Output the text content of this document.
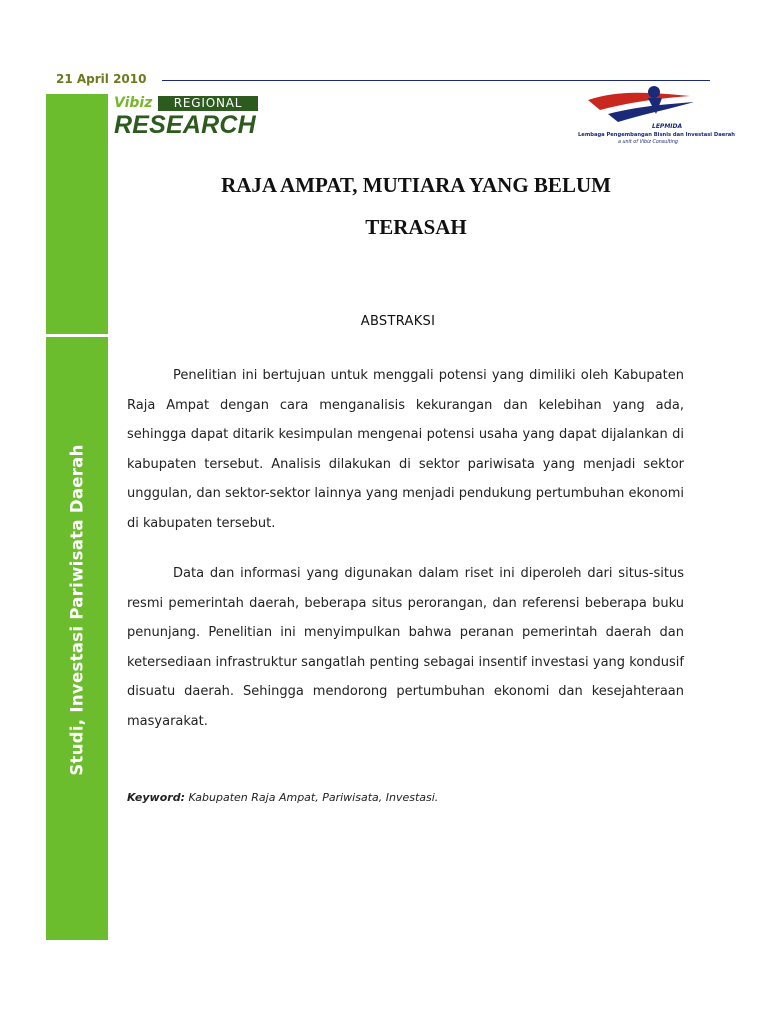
21 April 2010
Studi, Investasi Pariwisata Daerah
Vibiz	REGIONAL
RESEARCH	LEPMIDA
Lembaga Pengembangan Bisnis dan Investasi Daerah
a unit of Vibiz Consulting
RAJA AMPAT, MUTIARA YANG BELUM
TERASAH
ABSTRAKSI

Penelitian ini bertujuan untuk menggali potensi yang dimiliki oleh Kabupaten Raja Ampat dengan cara menganalisis kekurangan dan kelebihan yang ada, sehingga dapat ditarik kesimpulan mengenai potensi usaha yang dapat dijalankan di kabupaten tersebut. Analisis dilakukan di sektor pariwisata yang menjadi sektor unggulan, dan sektor-sektor lainnya yang menjadi pendukung pertumbuhan ekonomi di kabupaten tersebut.

Data dan informasi yang digunakan dalam riset ini diperoleh dari situs-situs resmi pemerintah daerah, beberapa situs perorangan, dan referensi beberapa buku penunjang. Penelitian ini menyimpulkan bahwa peranan pemerintah daerah dan ketersediaan infrastruktur sangatlah penting sebagai insentif investasi yang kondusif disuatu daerah. Sehingga mendorong pertumbuhan ekonomi dan kesejahteraan masyarakat.

Keyword: Kabupaten Raja Ampat, Pariwisata, Investasi.
